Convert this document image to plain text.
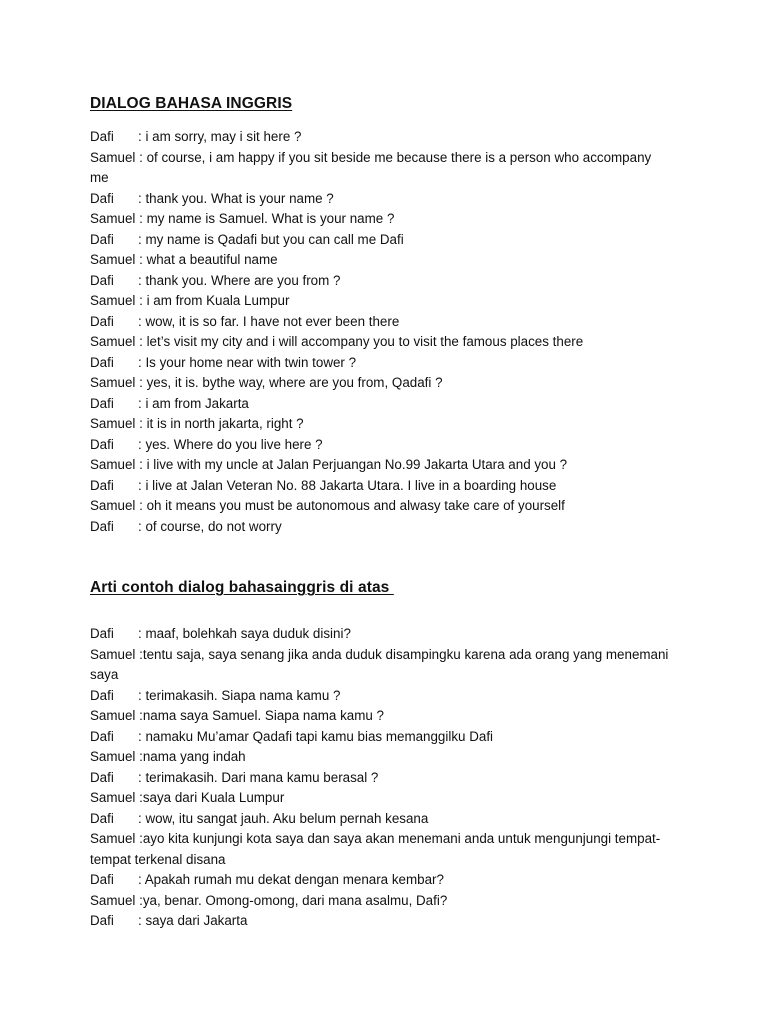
DIALOG BAHASA INGGRIS
Dafi : i am sorry, may i sit here ?
Samuel : of course, i am happy if you sit beside me because there is a person who accompany
me
Dafi : thank you. What is your name ?
Samuel : my name is Samuel. What is your name ?
Dafi : my name is Qadafi but you can call me Dafi
Samuel : what a beautiful name
Dafi : thank you. Where are you from ?
Samuel : i am from Kuala Lumpur
Dafi : wow, it is so far. I have not ever been there
Samuel : let’s visit my city and i will accompany you to visit the famous places there
Dafi : Is your home near with twin tower ?
Samuel : yes, it is. bythe way, where are you from, Qadafi ?
Dafi : i am from Jakarta
Samuel : it is in north jakarta, right ?
Dafi : yes. Where do you live here ?
Samuel : i live with my uncle at Jalan Perjuangan No.99 Jakarta Utara and you ?
Dafi : i live at Jalan Veteran No. 88 Jakarta Utara. I live in a boarding house
Samuel : oh it means you must be autonomous and alwasy take care of yourself
Dafi : of course, do not worry
Arti contoh dialog bahasainggris di atas
Dafi : maaf, bolehkah saya duduk disini?
Samuel :tentu saja, saya senang jika anda duduk disampingku karena ada orang yang menemani
saya
Dafi : terimakasih. Siapa nama kamu ?
Samuel :nama saya Samuel. Siapa nama kamu ?
Dafi : namaku Mu’amar Qadafi tapi kamu bias memanggilku Dafi
Samuel :nama yang indah
Dafi : terimakasih. Dari mana kamu berasal ?
Samuel :saya dari Kuala Lumpur
Dafi : wow, itu sangat jauh. Aku belum pernah kesana
Samuel :ayo kita kunjungi kota saya dan saya akan menemani anda untuk mengunjungi tempat-
tempat terkenal disana
Dafi : Apakah rumah mu dekat dengan menara kembar?
Samuel :ya, benar. Omong-omong, dari mana asalmu, Dafi?
Dafi : saya dari Jakarta
